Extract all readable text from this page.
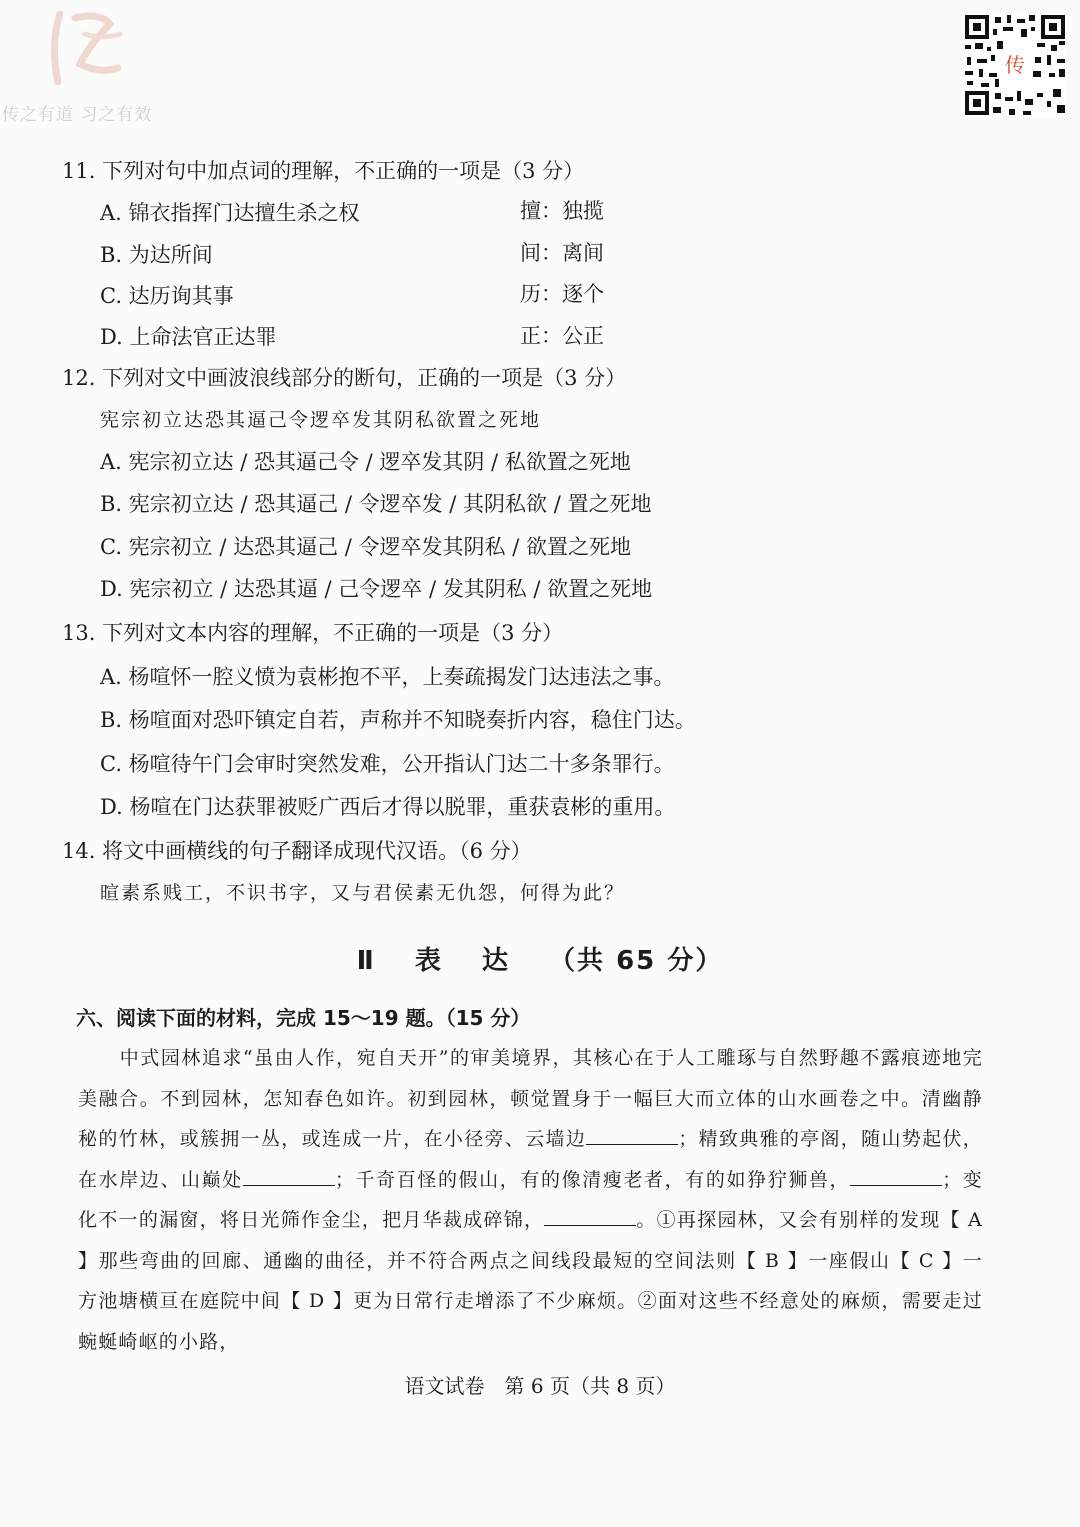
传之有道 习之有效
传
11. 下列对句中加点词的理解，不正确的一项是（3 分）
A. 锦衣指挥门达擅生杀之权	擅：独揽
B. 为达所间	间：离间
C. 达历询其事	历：逐个
D. 上命法官正达罪	正：公正
12. 下列对文中画波浪线部分的断句，正确的一项是（3 分）
宪宗初立达恐其逼己令逻卒发其阴私欲置之死地
A. 宪宗初立达 / 恐其逼己令 / 逻卒发其阴 / 私欲置之死地
B. 宪宗初立达 / 恐其逼己 / 令逻卒发 / 其阴私欲 / 置之死地
C. 宪宗初立 / 达恐其逼己 / 令逻卒发其阴私 / 欲置之死地
D. 宪宗初立 / 达恐其逼 / 己令逻卒 / 发其阴私 / 欲置之死地
13. 下列对文本内容的理解，不正确的一项是（3 分）
A. 杨喧怀一腔义愤为袁彬抱不平，上奏疏揭发门达违法之事。
B. 杨喧面对恐吓镇定自若，声称并不知晓奏折内容，稳住门达。
C. 杨喧待午门会审时突然发难，公开指认门达二十多条罪行。
D. 杨喧在门达获罪被贬广西后才得以脱罪，重获袁彬的重用。
14. 将文中画横线的句子翻译成现代汉语。（6 分）
暄素系贱工，不识书字，又与君侯素无仇怨，何得为此？
Ⅱ 表 达 （共 65 分）
六、阅读下面的材料，完成 15～19 题。（15 分）

中式园林追求“虽由人作，宛自天开”的审美境界，其核心在于人工雕琢与自然野趣不露痕迹地完美融合。不到园林，怎知春色如许。初到园林，顿觉置身于一幅巨大而立体的山水画卷之中。清幽静秘的竹林，或簇拥一丛，或连成一片，在小径旁、云墙边	；精致典雅的亭阁，随山势起伏，在水岸边、山巅处	；千奇百怪的假山，有的像清瘦老者，有的如狰狞狮兽，	；变化不一的漏窗，将日光筛作金尘，把月华裁成碎锦，	。①再探园林，又会有别样的发现【 A 】那些弯曲的回廊、通幽的曲径，并不符合两点之间线段最短的空间法则【 B 】一座假山【 C 】一方池塘横亘在庭院中间【 D 】更为日常行走增添了不少麻烦。②面对这些不经意处的麻烦，需要走过蜿蜒崎岖的小路，

语文试卷　第 6 页（共 8 页）
